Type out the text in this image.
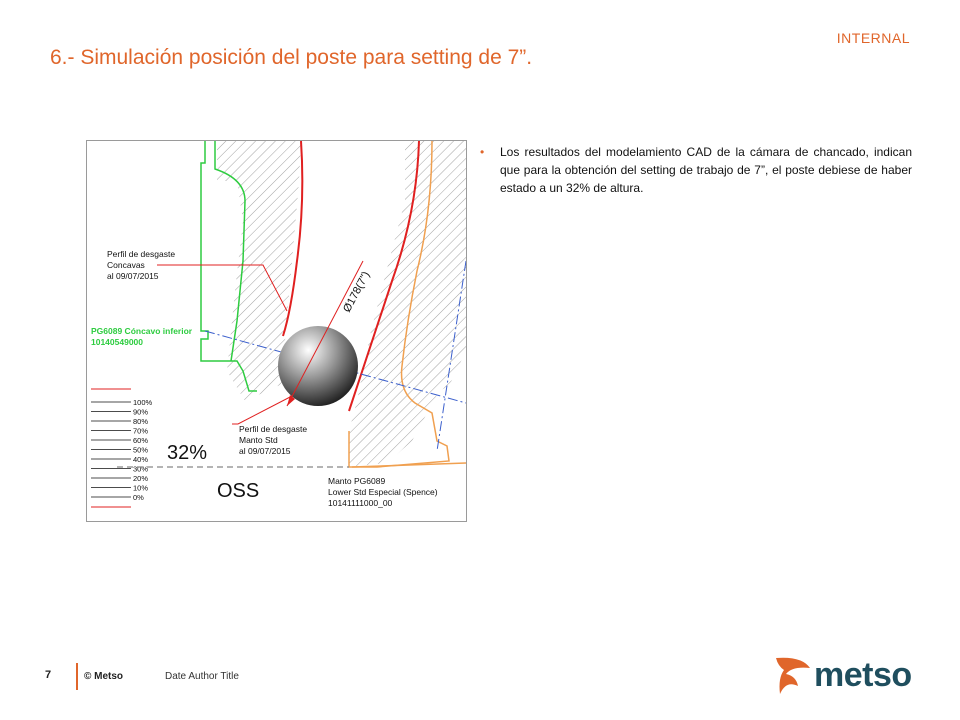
INTERNAL
6.- Simulación posición del poste para setting de 7”.
Ø178(7")
Perfil de desgaste Concavas al 09/07/2015
PG6089 Cóncavo inferior 10140549000
Perfil de desgaste Manto Std al 09/07/2015
100% 90% 80% 70% 60% 50% 40% 30% 20% 10% 0%
32%
OSS	Manto PG6089 Lower Std Especial (Spence) 10141111000_00
• Los resultados del modelamiento CAD de la cámara de chancado, indican que para la obtención del setting de trabajo de 7”, el poste debiese de haber estado a un 32% de altura.
7	© Metso	Date Author Title	metso
